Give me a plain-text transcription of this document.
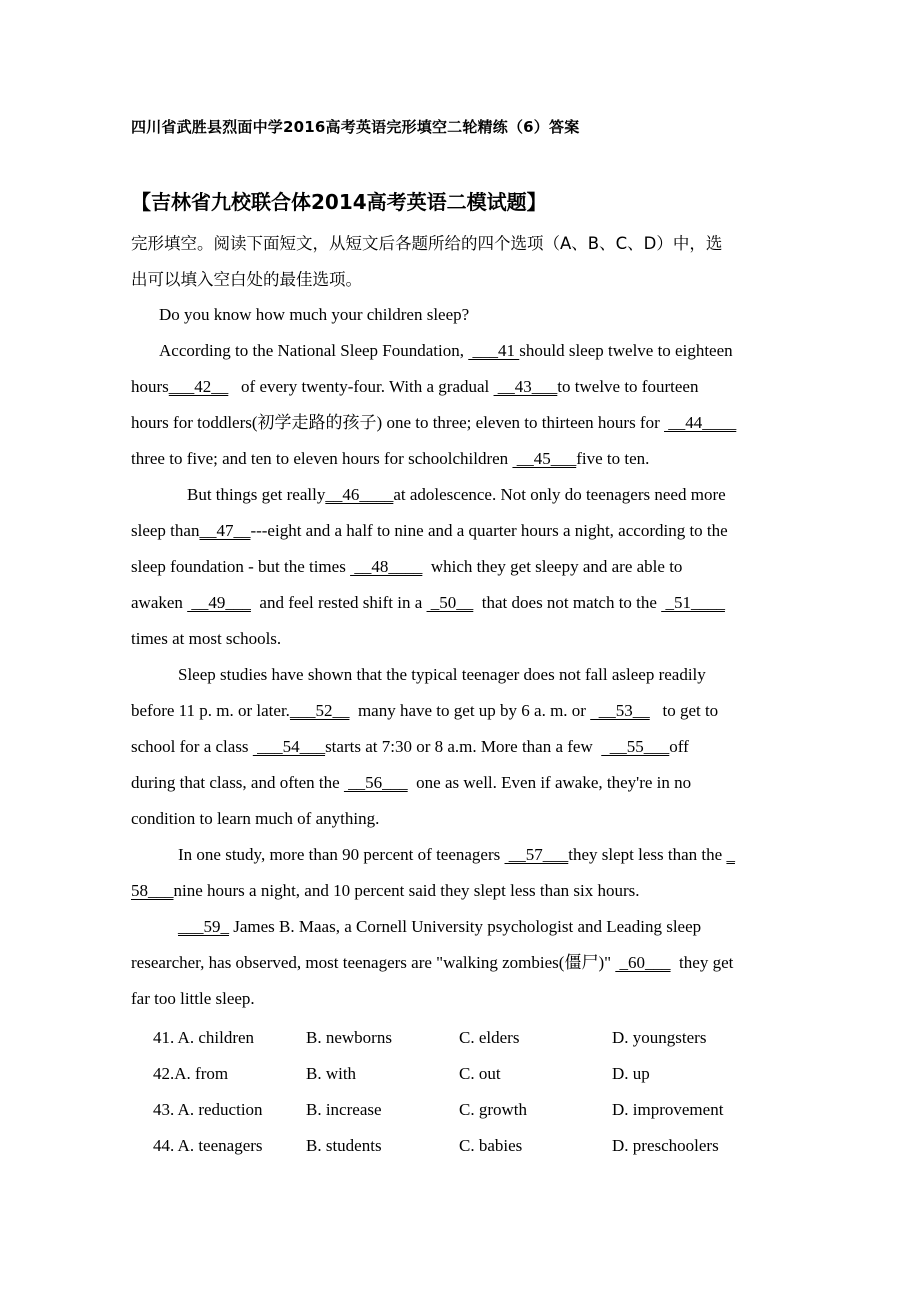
四川省武胜县烈面中学2016高考英语完形填空二轮精练（6）答案
【吉林省九校联合体2014高考英语二模试题】
完形填空。阅读下面短文，从短文后各题所给的四个选项（A、B、C、D）中，选
出可以填入空白处的最佳选项。
Do you know how much your children sleep?
According to the National Sleep Foundation,  ___41 should sleep twelve to eighteen
hours___42__   of every twenty-four. With a gradual  __43___to twelve to fourteen
hours for toddlers(初学走路的孩子) one to three; eleven to thirteen hours for  __44____
three to five; and ten to eleven hours for schoolchildren  __45___five to ten.
But things get really__46____at adolescence. Not only do teenagers need more
sleep than__47__---eight and a half to nine and a quarter hours a night, according to the
sleep foundation - but the times  __48____  which they get sleepy and are able to
awaken  __49___  and feel rested shift in a  _50__  that does not match to the  _51____
times at most schools.
Sleep studies have shown that the typical teenager does not fall asleep readily
before 11 p. m. or later.___52__  many have to get up by 6 a. m. or   __53__   to get to
school for a class  ___54___starts at 7:30 or 8 a.m. More than a few    __55___off
during that class, and often the  __56___  one as well. Even if awake, they're in no
condition to learn much of anything.
In one study, more than 90 percent of teenagers  __57___they slept less than the _
58___nine hours a night, and 10 percent said they slept less than six hours.
___59_ James B. Maas, a Cornell University psychologist and Leading sleep
researcher, has observed, most teenagers are "walking zombies(僵尸)"  _60___  they get
far too little sleep.
41. A. children	B. newborns	C. elders	D. youngsters
42.A. from	B. with	C. out	D. up
43. A. reduction	B. increase	C. growth	D. improvement
44. A. teenagers	B. students	C. babies	D. preschoolers
